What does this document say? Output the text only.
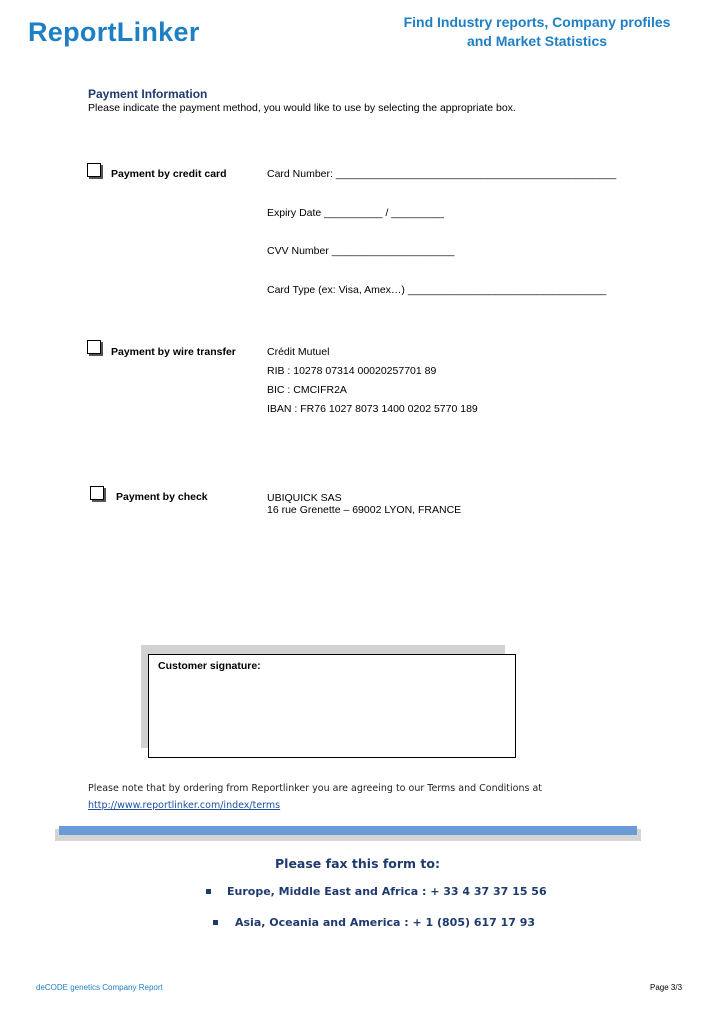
ReportLinker	Find Industry reports, Company profiles
and Market Statistics
Payment Information
Please indicate the payment method, you would like to use by selecting the appropriate box.
Payment by credit card	Card Number: ________________________________________________
Expiry Date __________ / _________
CVV Number _____________________
Card Type (ex: Visa, Amex…) __________________________________
Payment by wire transfer	Crédit Mutuel
RIB : 10278 07314 00020257701 89
BIC : CMCIFR2A
IBAN : FR76 1027 8073 1400 0202 5770 189
Payment by check	UBIQUICK SAS
16 rue Grenette – 69002 LYON, FRANCE
Customer signature:
Please note that by ordering from Reportlinker you are agreeing to our Terms and Conditions at
http://www.reportlinker.com/index/terms
Please fax this form to:
Europe, Middle East and Africa : + 33 4 37 37 15 56
Asia, Oceania and America : + 1 (805) 617 17 93
deCODE genetics Company Report	Page 3/3
